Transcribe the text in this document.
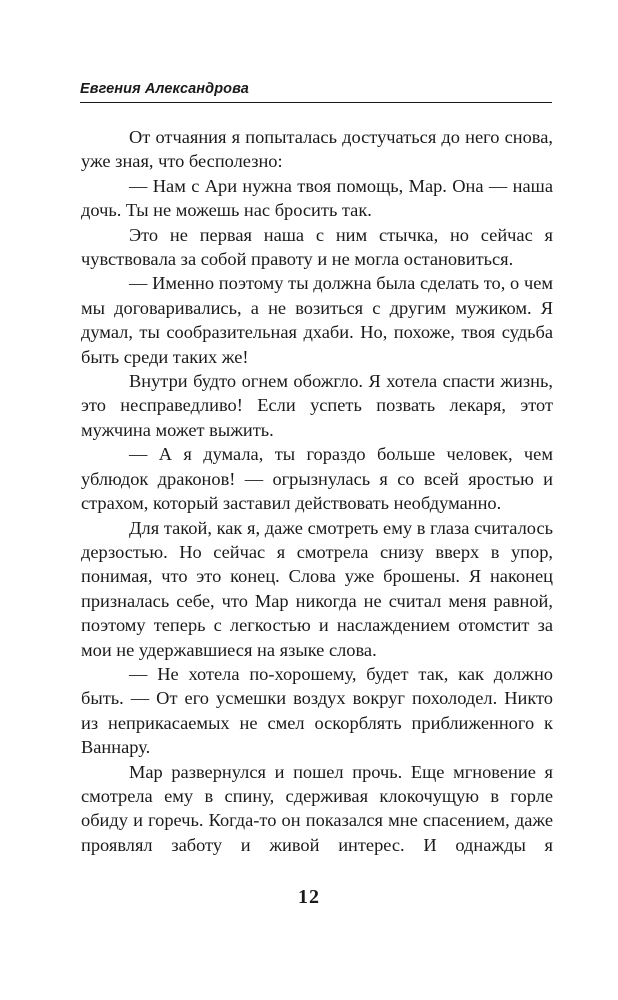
Евгения Александрова

От отчаяния я попыталась достучаться до него снова, уже зная, что бесполезно:

— Нам с Ари нужна твоя помощь, Мар. Она — наша дочь. Ты не можешь нас бросить так.

Это не первая наша с ним стычка, но сейчас я чувствовала за собой правоту и не могла остановиться.

— Именно поэтому ты должна была сделать то, о чем мы договаривались, а не возиться с другим мужиком. Я думал, ты сообразительная дхаби. Но, похоже, твоя судьба быть среди таких же!

Внутри будто огнем обожгло. Я хотела спасти жизнь, это несправедливо! Если успеть позвать лекаря, этот мужчина может выжить.

— А я думала, ты гораздо больше человек, чем ублюдок драконов! — огрызнулась я со всей яростью и страхом, который заставил действовать необдуманно.

Для такой, как я, даже смотреть ему в глаза считалось дерзостью. Но сейчас я смотрела снизу вверх в упор, понимая, что это конец. Слова уже брошены. Я наконец призналась себе, что Мар никогда не считал меня равной, поэтому теперь с легкостью и наслаждением отомстит за мои не удержавшиеся на языке слова.

— Не хотела по-хорошему, будет так, как должно быть. — От его усмешки воздух вокруг похолодел. Никто из неприкасаемых не смел оскорблять приближенного к Ваннару.

Мар развернулся и пошел прочь. Еще мгновение я смотрела ему в спину, сдерживая клокочущую в горле обиду и горечь. Когда-то он показался мне спасением, даже проявлял заботу и живой интерес. И однажды я

12
